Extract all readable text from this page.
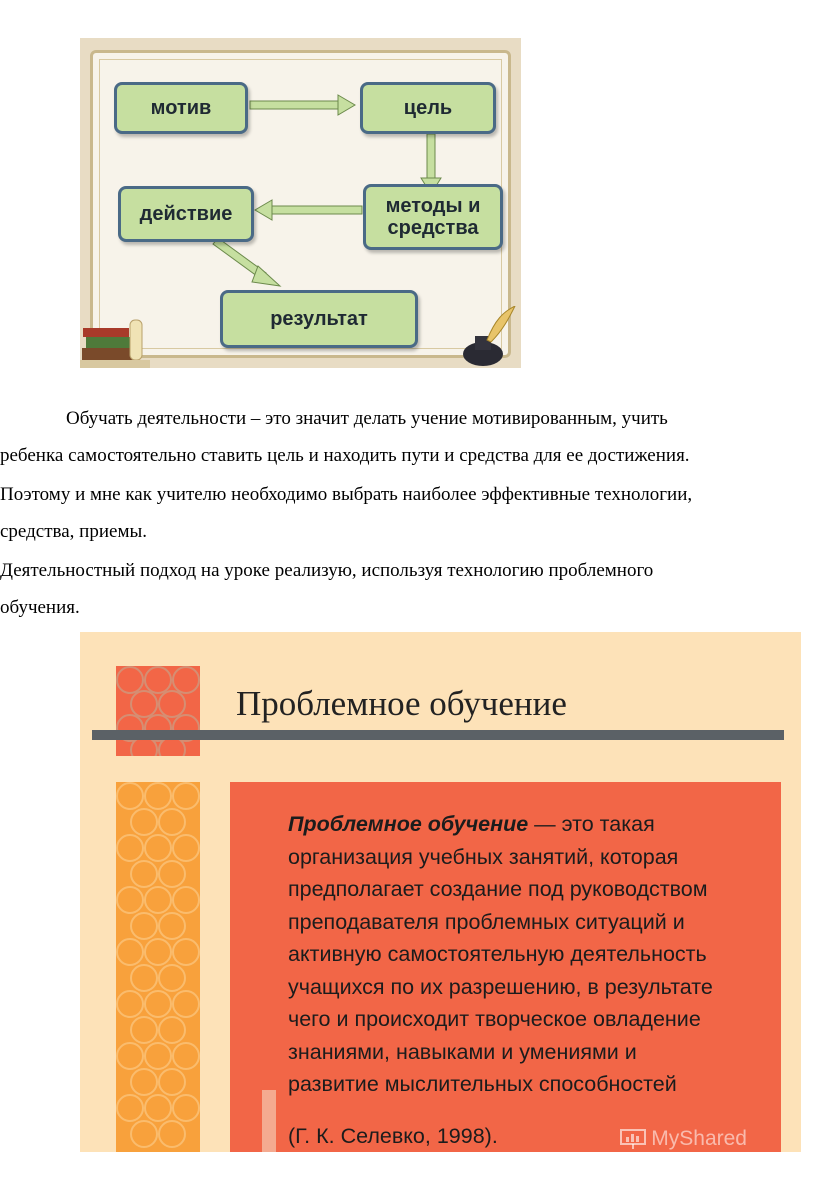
мотив	цель
действие	методы и средства
результат
Обучать деятельности – это значит делать учение мотивированным, учить
ребенка самостоятельно ставить цель и находить пути и средства для ее достижения.
Поэтому и мне как учителю необходимо выбрать наиболее эффективные технологии,
средства, приемы.
Деятельностный подход на уроке реализую, используя технологию проблемного
обучения.
Проблемное обучение
Проблемное обучение — это такая
организация учебных занятий, которая
предполагает создание под руководством
преподавателя проблемных ситуаций и
активную самостоятельную деятельность
учащихся по их разрешению, в результате
чего и происходит творческое овладение
знаниями, навыками и умениями и
развитие мыслительных способностей
(Г. К. Селевко, 1998).	MyShared
